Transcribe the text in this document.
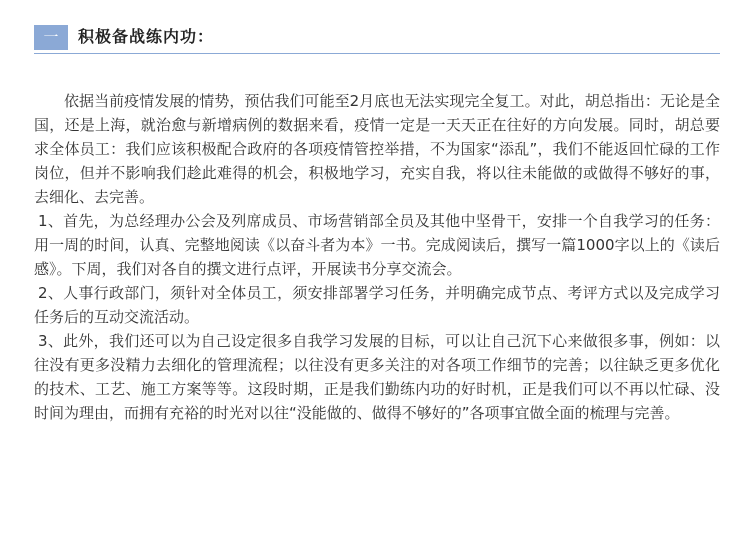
一	积极备战练内功：

依据当前疫情发展的情势，预估我们可能至2月底也无法实现完全复工。对此，胡总指出：无论是全国，还是上海，就治愈与新增病例的数据来看，疫情一定是一天天正在往好的方向发展。同时，胡总要求全体员工：我们应该积极配合政府的各项疫情管控举措，不为国家“添乱”，我们不能返回忙碌的工作岗位，但并不影响我们趁此难得的机会，积极地学习，充实自我，将以往未能做的或做得不够好的事，去细化、去完善。

1、首先，为总经理办公会及列席成员、市场营销部全员及其他中坚骨干，安排一个自我学习的任务：用一周的时间，认真、完整地阅读《以奋斗者为本》一书。完成阅读后，撰写一篇1000字以上的《读后感》。下周，我们对各自的撰文进行点评，开展读书分享交流会。

2、人事行政部门，须针对全体员工，须安排部署学习任务，并明确完成节点、考评方式以及完成学习任务后的互动交流活动。

3、此外，我们还可以为自己设定很多自我学习发展的目标，可以让自己沉下心来做很多事，例如：以往没有更多没精力去细化的管理流程；以往没有更多关注的对各项工作细节的完善；以往缺乏更多优化的技术、工艺、施工方案等等。这段时期，正是我们勤练内功的好时机，正是我们可以不再以忙碌、没时间为理由，而拥有充裕的时光对以往“没能做的、做得不够好的”各项事宜做全面的梳理与完善。
